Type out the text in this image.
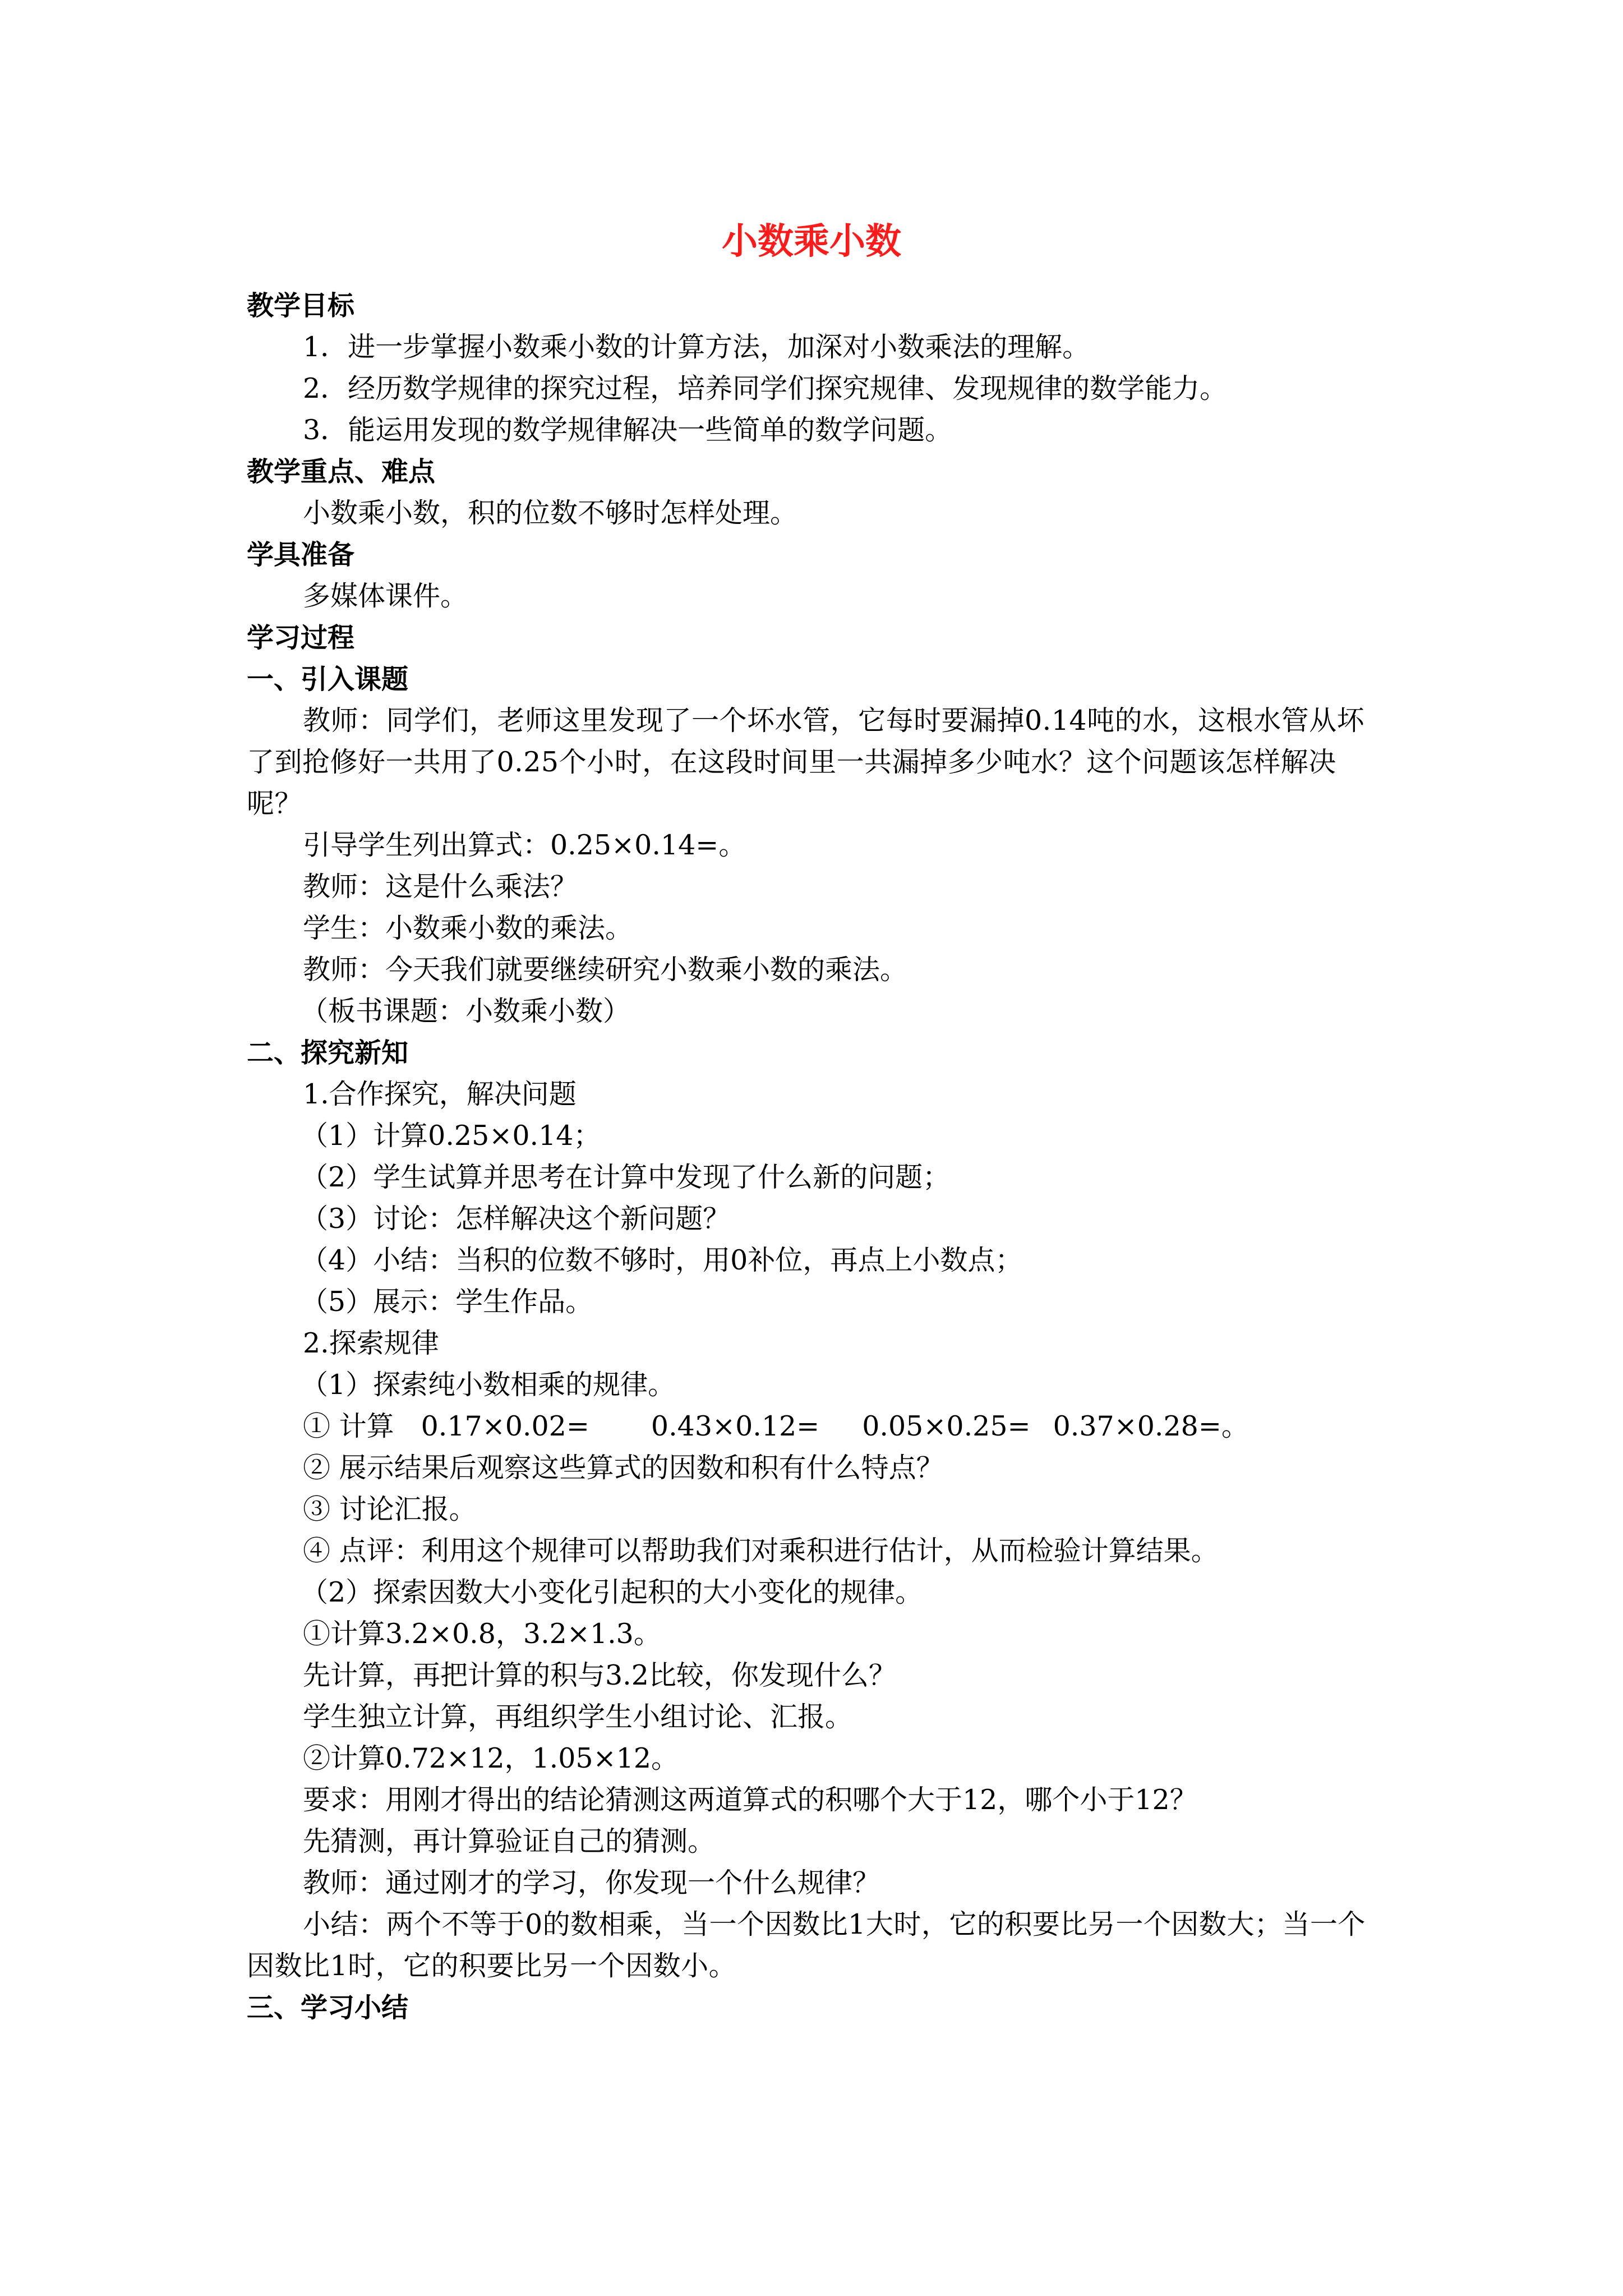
小数乘小数
教学目标
1．进一步掌握小数乘小数的计算方法，加深对小数乘法的理解。
2．经历数学规律的探究过程，培养同学们探究规律、发现规律的数学能力。
3．能运用发现的数学规律解决一些简单的数学问题。
教学重点、难点
小数乘小数，积的位数不够时怎样处理。
学具准备
多媒体课件。
学习过程
一、引入课题
教师：同学们，老师这里发现了一个坏水管，它每时要漏掉0.14吨的水，这根水管从坏了到抢修好一共用了0.25个小时，在这段时间里一共漏掉多少吨水？这个问题该怎样解决呢？
引导学生列出算式：0.25×0.14=。
教师：这是什么乘法？
学生：小数乘小数的乘法。
教师：今天我们就要继续研究小数乘小数的乘法。
（板书课题：小数乘小数）
二、探究新知
1.合作探究，解决问题
（1）计算0.25×0.14；
（2）学生试算并思考在计算中发现了什么新的问题；
（3）讨论：怎样解决这个新问题？
（4）小结：当积的位数不够时，用0补位，再点上小数点；
（5）展示：学生作品。
2.探索规律
（1）探索纯小数相乘的规律。
① 计算 0.17×0.02= 0.43×0.12= 0.05×0.25= 0.37×0.28=。
② 展示结果后观察这些算式的因数和积有什么特点？
③ 讨论汇报。
④ 点评：利用这个规律可以帮助我们对乘积进行估计，从而检验计算结果。
（2）探索因数大小变化引起积的大小变化的规律。
①计算3.2×0.8，3.2×1.3。
先计算，再把计算的积与3.2比较，你发现什么？
学生独立计算，再组织学生小组讨论、汇报。
②计算0.72×12，1.05×12。
要求：用刚才得出的结论猜测这两道算式的积哪个大于12，哪个小于12？
先猜测，再计算验证自己的猜测。
教师：通过刚才的学习，你发现一个什么规律？
小结：两个不等于0的数相乘，当一个因数比1大时，它的积要比另一个因数大；当一个因数比1时，它的积要比另一个因数小。
三、学习小结
